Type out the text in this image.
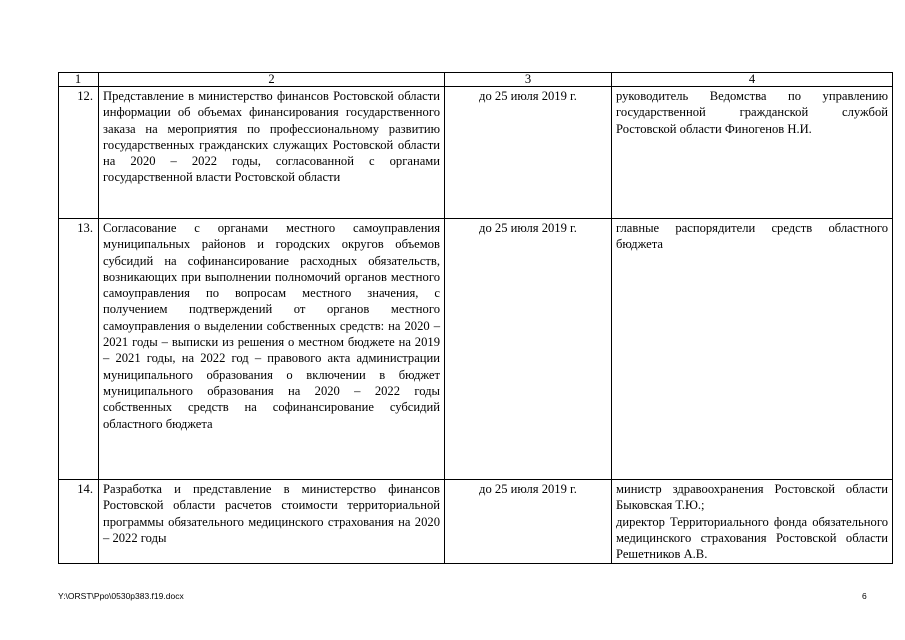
1	2	3	4
12.	Представление в министерство финансов Ростовской области информации об объемах финансирования государственного заказа на мероприятия по профессиональному развитию государственных гражданских служащих Ростовской области на 2020 – 2022 годы, согласованной с органами государственной власти Ростовской области	до 25 июля 2019 г.	руководитель Ведомства по управлению государственной гражданской службой Ростовской области Финогенов Н.И.
13.	Согласование с органами местного самоуправления муниципальных районов и городских округов объемов субсидий на софинансирование расходных обязательств, возникающих при выполнении полномочий органов местного самоуправления по вопросам местного значения, с получением подтверждений от органов местного самоуправления о выделении собственных средств: на 2020 – 2021 годы – выписки из решения о местном бюджете на 2019 – 2021 годы, на 2022 год – правового акта администрации муниципального образования о включении в бюджет муниципального образования на 2020 – 2022 годы собственных средств на софинансирование субсидий областного бюджета	до 25 июля 2019 г.	главные распорядители средств областного бюджета
14.	Разработка и представление в министерство финансов Ростовской области расчетов стоимости территориальной программы обязательного медицинского страхования на 2020 – 2022 годы	до 25 июля 2019 г.	министр здравоохранения Ростовской области Быковская Т.Ю.;
директор Территориального фонда обязательного медицинского страхования Ростовской области Решетников А.В.
Y:\ORST\Ppo\0530p383.f19.docx	6
